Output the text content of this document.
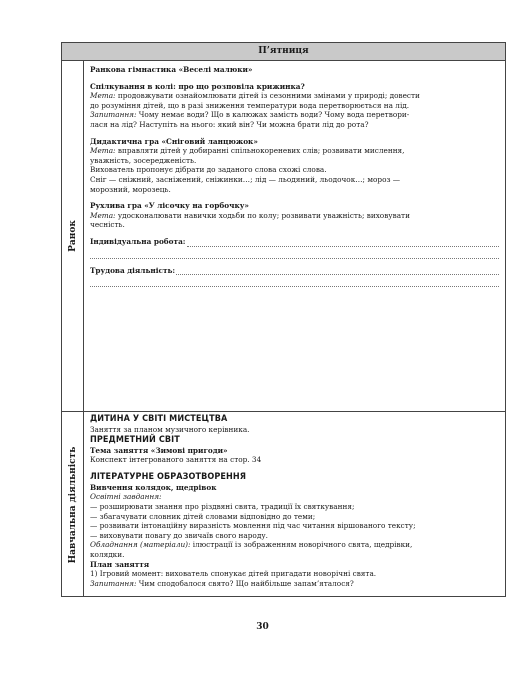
П’ятниця
Ранок

Ранкова гімнастика «Веселі малюки»

Спілкування в колі: про що розповіла крижинка?

Мета: продовжувати ознайомлювати дітей із сезонними змінами у природі; довести

до розуміння дітей, що в разі зниження температури вода перетворюється на лід.

Запитання: Чому немає води? Що в калюжах замість води? Чому вода перетвори-

лася на лід? Наступіть на нього: який він? Чи можна брати лід до рота?

Дидактична гра «Сніговий ланцюжок»

Мета: вправляти дітей у добиранні спільнокореневих слів; розвивати мислення,

уважність, зосередженість.

Вихователь пропонує дібрати до заданого слова схожі слова.

Сніг — сніжний, засніжений, сніжинки…; лід — льодяний, льодочок…; мороз —

морозний, морозець.

Рухлива гра «У лісочку на горбочку»

Мета: удосконалювати навички ходьби по колу; розвивати уважність; виховувати

чесність.

Індивідуальна робота:
Трудова діяльність:
Навчальна діяльність

ДИТИНА У СВІТІ МИСТЕЦТВА

Заняття за планом музичного керівника.

ПРЕДМЕТНИЙ СВІТ

Тема заняття «Зимові пригоди»

Конспект інтегрованого заняття на стор. 34

ЛІТЕРАТУРНЕ ОБРАЗОТВОРЕННЯ

Вивчення колядок, щедрівок

Освітні завдання:

— розширювати знання про різдвяні свята, традиції їх святкування;

— збагачувати словник дітей словами відповідно до теми;

— розвивати інтонаційну виразність мовлення під час читання віршованого тексту;

— виховувати повагу до звичаїв свого народу.

Обладнання (матеріали): ілюстрації із зображенням новорічного свята, щедрівки,

колядки.

План заняття

1) Ігровий момент: вихователь спонукає дітей пригадати новорічні свята.

Запитання: Чим сподобалося свято? Що найбільше запам’яталося?

30
